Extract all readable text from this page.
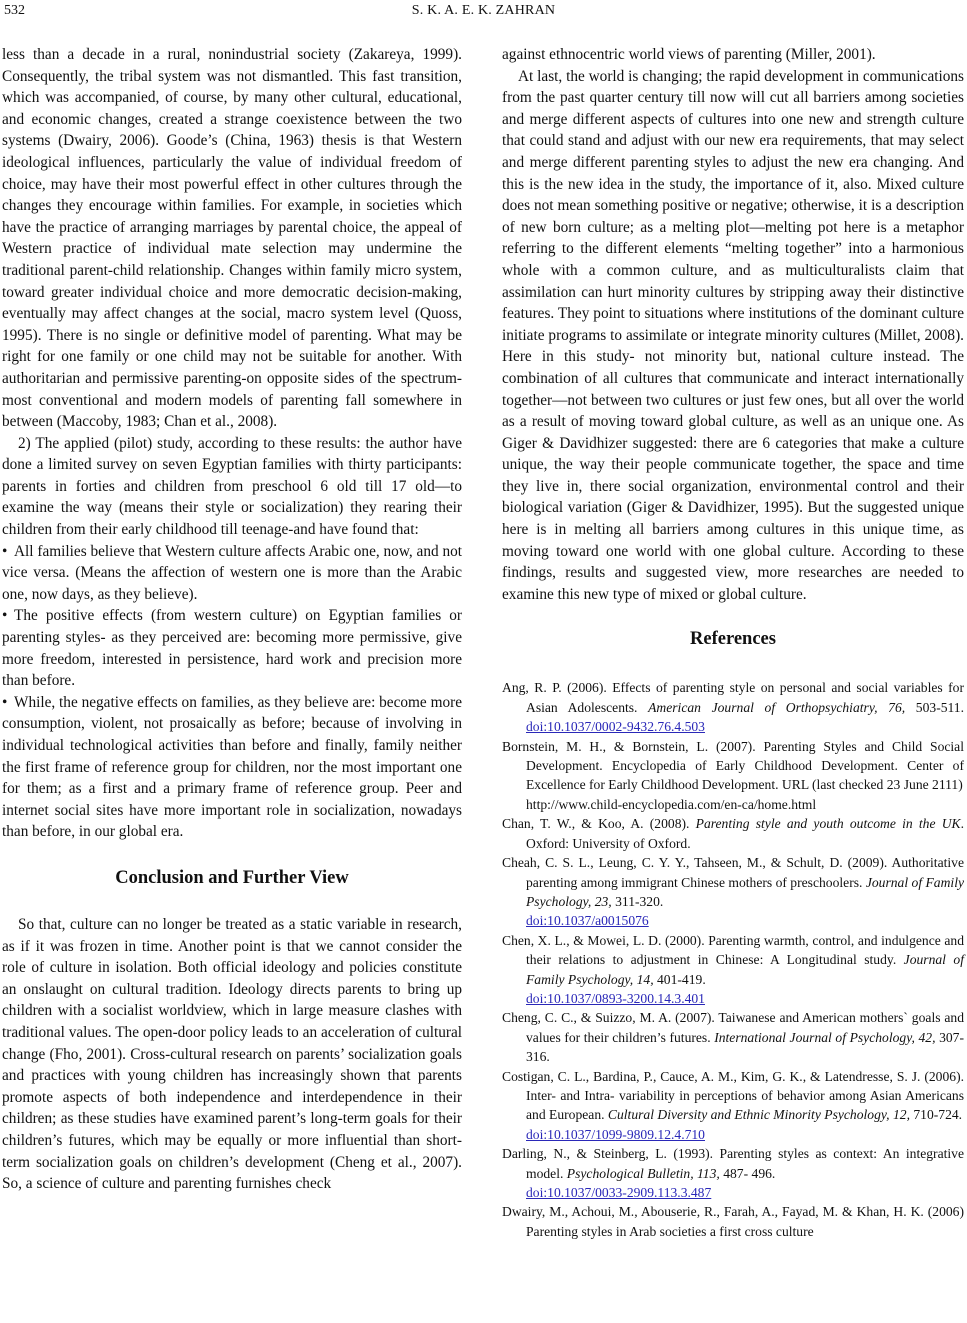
532	S. K. A. E. K. ZAHRAN

less than a decade in a rural, nonindustrial society (Zakareya, 1999). Consequently, the tribal system was not dismantled. This fast transition, which was accompanied, of course, by many other cultural, educational, and economic changes, created a strange coexistence between the two systems (Dwairy, 2006). Goode’s (China, 1963) thesis is that Western ideological influences, particularly the value of individual freedom of choice, may have their most powerful effect in other cultures through the changes they encourage within families. For example, in societies which have the practice of arranging marriages by parental choice, the appeal of Western practice of individual mate selection may undermine the traditional parent-child relationship. Changes within family micro system, toward greater individual choice and more democratic decision-making, eventually may affect changes at the social, macro system level (Quoss, 1995). There is no single or definitive model of parenting. What may be right for one family or one child may not be suitable for another. With authoritarian and permissive parenting-on opposite sides of the spectrum-most conventional and modern models of parenting fall somewhere in between (Maccoby, 1983; Chan et al., 2008).

2) The applied (pilot) study, according to these results: the author have done a limited survey on seven Egyptian families with thirty participants: parents in forties and children from preschool 6 old till 17 old—to examine the way (means their style or socialization) they rearing their children from their early childhood till teenage-and have found that:

• All families believe that Western culture affects Arabic one, now, and not vice versa. (Means the affection of western one is more than the Arabic one, now days, as they believe).

• The positive effects (from western culture) on Egyptian families or parenting styles- as they perceived are: becoming more permissive, give more freedom, interested in persistence, hard work and precision more than before.

• While, the negative effects on families, as they believe are: become more consumption, violent, not prosaically as before; because of involving in individual technological activities than before and finally, family neither the first frame of reference group for children, nor the most important one for them; as a first and a primary frame of reference group. Peer and internet social sites have more important role in socialization, nowadays than before, in our global era.

Conclusion and Further View

So that, culture can no longer be treated as a static variable in research, as if it was frozen in time. Another point is that we cannot consider the role of culture in isolation. Both official ideology and policies constitute an onslaught on cultural tradition. Ideology directs parents to bring up children with a socialist worldview, which in large measure clashes with traditional values. The open-door policy leads to an acceleration of cultural change (Fho, 2001). Cross-cultural research on parents’ socialization goals and practices with young children has increasingly shown that parents promote aspects of both independence and interdependence in their children; as these studies have examined parent’s long-term goals for their children’s futures, which may be equally or more influential than short-term socialization goals on children’s development (Cheng et al., 2007). So, a science of culture and parenting furnishes check

against ethnocentric world views of parenting (Miller, 2001).

At last, the world is changing; the rapid development in communications from the past quarter century till now will cut all barriers among societies and merge different aspects of cultures into one new and strength culture that could stand and adjust with our new era requirements, that may select and merge different parenting styles to adjust the new era changing. And this is the new idea in the study, the importance of it, also. Mixed culture does not mean something positive or negative; otherwise, it is a description of new born culture; as a melting plot—melting pot here is a metaphor referring to the different elements “melting together” into a harmonious whole with a common culture, and as multiculturalists claim that assimilation can hurt minority cultures by stripping away their distinctive features. They point to situations where institutions of the dominant culture initiate programs to assimilate or integrate minority cultures (Millet, 2008). Here in this study- not minority but, national culture instead. The combination of all cultures that communicate and interact internationally together—not between two cultures or just few ones, but all over the world as a result of moving toward global culture, as well as an unique one. As Giger & Davidhizer suggested: there are 6 categories that make a culture unique, the way their people communicate together, the space and time they live in, there social organization, environmental control and their biological variation (Giger & Davidhizer, 1995). But the suggested unique here is in melting all barriers among cultures in this unique time, as moving toward one world with one global culture. According to these findings, results and suggested view, more researches are needed to examine this new type of mixed or global culture.

References

Ang, R. P. (2006). Effects of parenting style on personal and social variables for Asian Adolescents. American Journal of Orthopsychiatry, 76, 503-511. doi:10.1037/0002-9432.76.4.503

Bornstein, M. H., & Bornstein, L. (2007). Parenting Styles and Child Social Development. Encyclopedia of Early Childhood Development. Center of Excellence for Early Childhood Development. URL (last checked 23 June 2111)
http://www.child-encyclopedia.com/en-ca/home.html

Chan, T. W., & Koo, A. (2008). Parenting style and youth outcome in the UK. Oxford: University of Oxford.

Cheah, C. S. L., Leung, C. Y. Y., Tahseen, M., & Schult, D. (2009). Authoritative parenting among immigrant Chinese mothers of preschoolers. Journal of Family Psychology, 23, 311-320.
doi:10.1037/a0015076

Chen, X. L., & Mowei, L. D. (2000). Parenting warmth, control, and indulgence and their relations to adjustment in Chinese: A Longitudinal study. Journal of Family Psychology, 14, 401-419.
doi:10.1037/0893-3200.14.3.401

Cheng, C. C., & Suizzo, M. A. (2007). Taiwanese and American mothers` goals and values for their children’s futures. International Journal of Psychology, 42, 307-316.

Costigan, C. L., Bardina, P., Cauce, A. M., Kim, G. K., & Latendresse, S. J. (2006). Inter- and Intra- variability in perceptions of behavior among Asian Americans and European. Cultural Diversity and Ethnic Minority Psychology, 12, 710-724.
doi:10.1037/1099-9809.12.4.710

Darling, N., & Steinberg, L. (1993). Parenting styles as context: An integrative model. Psychological Bulletin, 113, 487- 496.
doi:10.1037/0033-2909.113.3.487

Dwairy, M., Achoui, M., Abouserie, R., Farah, A., Fayad, M. & Khan, H. K. (2006) Parenting styles in Arab societies a first cross culture
